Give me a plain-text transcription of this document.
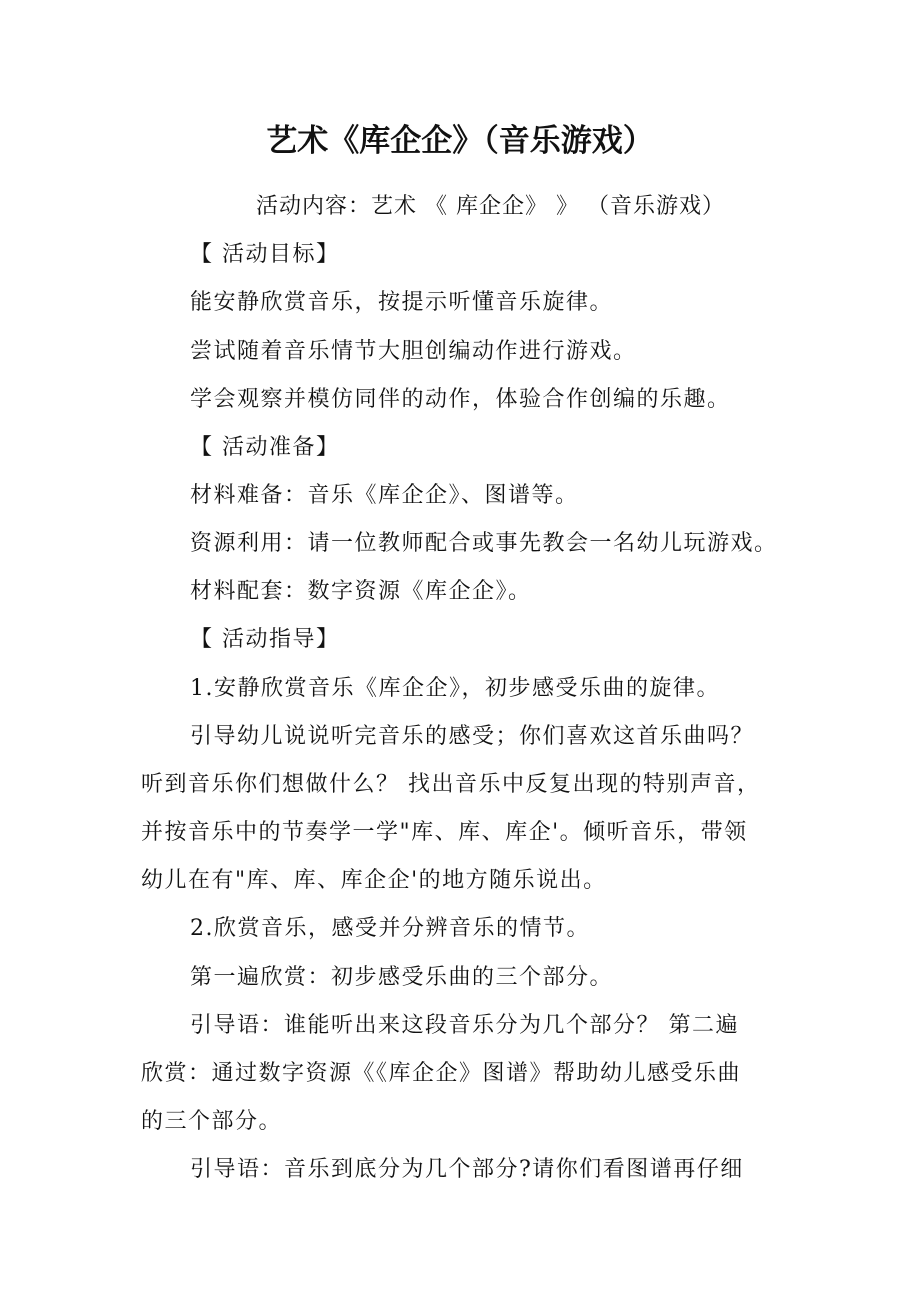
艺术《库企企》（音乐游戏）
活动内容：艺术 《 库企企》 》 （音乐游戏）
【 活动目标】
能安静欣赏音乐，按提示听懂音乐旋律。
尝试随着音乐情节大胆创编动作进行游戏。
学会观察并模仿同伴的动作，体验合作创编的乐趣。
【 活动准备】
材料难备：音乐《库企企》、图谱等。
资源利用：请一位教师配合或事先教会一名幼儿玩游戏。
材料配套：数字资源《库企企》。
【 活动指导】
1.安静欣赏音乐《库企企》，初步感受乐曲的旋律。
引导幼儿说说听完音乐的感受；你们喜欢这首乐曲吗？
听到音乐你们想做什么？ 找出音乐中反复出现的特别声音，
并按音乐中的节奏学一学"库、库、库企'。倾听音乐，带领
幼儿在有"库、库、库企企'的地方随乐说出。
2.欣赏音乐，感受并分辨音乐的情节。
第一遍欣赏：初步感受乐曲的三个部分。
引导语：谁能听出来这段音乐分为几个部分？ 第二遍
欣赏：通过数字资源《《库企企》图谱》帮助幼儿感受乐曲
的三个部分。
引导语：音乐到底分为几个部分?请你们看图谱再仔细
